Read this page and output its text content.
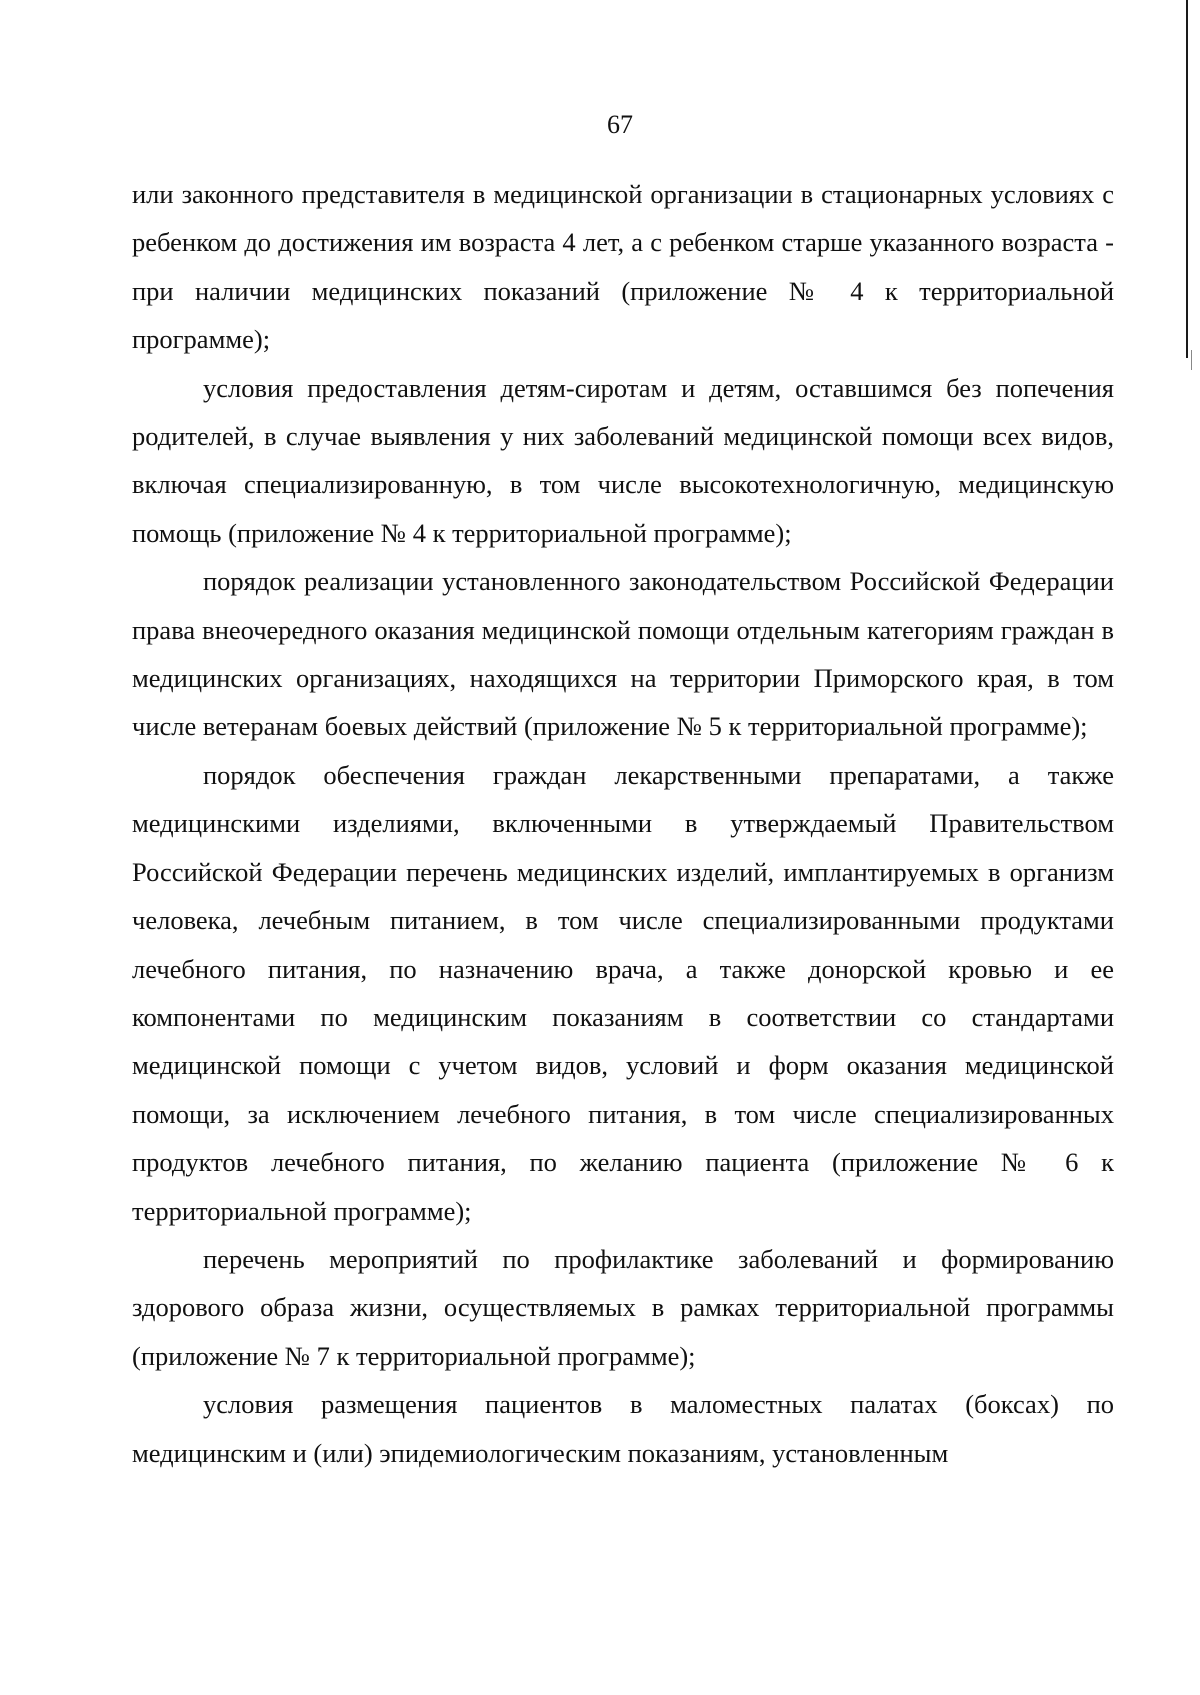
67

или законного представителя в медицинской организации в стационарных условиях с ребенком до достижения им возраста 4 лет, а с ребенком старше указанного возраста - при наличии медицинских показаний (приложение № 4 к территориальной программе);

условия предоставления детям-сиротам и детям, оставшимся без попечения родителей, в случае выявления у них заболеваний медицинской помощи всех видов, включая специализированную, в том числе высокотехнологичную, медицинскую помощь (приложение № 4 к территориальной программе);

порядок реализации установленного законодательством Российской Федерации права внеочередного оказания медицинской помощи отдельным категориям граждан в медицинских организациях, находящихся на территории Приморского края, в том числе ветеранам боевых действий (приложение № 5 к территориальной программе);

порядок обеспечения граждан лекарственными препаратами, а также медицинскими изделиями, включенными в утверждаемый Правительством Российской Федерации перечень медицинских изделий, имплантируемых в организм человека, лечебным питанием, в том числе специализированными продуктами лечебного питания, по назначению врача, а также донорской кровью и ее компонентами по медицинским показаниям в соответствии со стандартами медицинской помощи с учетом видов, условий и форм оказания медицинской помощи, за исключением лечебного питания, в том числе специализированных продуктов лечебного питания, по желанию пациента (приложение № 6 к территориальной программе);

перечень мероприятий по профилактике заболеваний и формированию здорового образа жизни, осуществляемых в рамках территориальной программы (приложение № 7 к территориальной программе);

условия размещения пациентов в маломестных палатах (боксах) по медицинским и (или) эпидемиологическим показаниям, установленным
